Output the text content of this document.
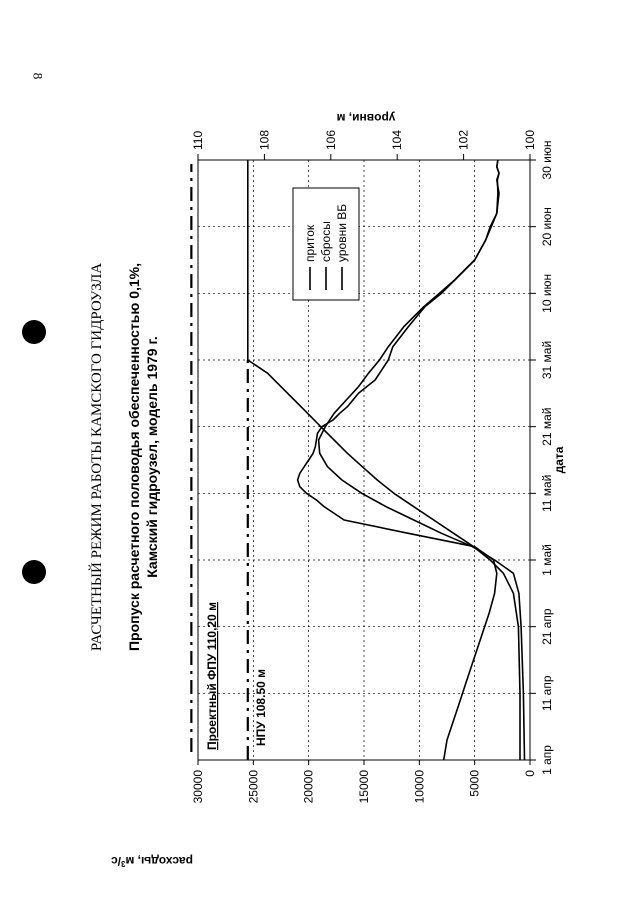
8
РАСЧЕТНЫЙ РЕЖИМ РАБОТЫ КАМСКОГО ГИДРОУЗЛА Пропуск расчетного половодья обеспеченностью 0,1%, Камский гидроузел, модель 1979 г.
0
5000
10000
15000
20000
25000
30000
100
102
104
106
108
110
1 апр
11 апр
21 апр
1 май
11 май
21 май
31 май
10 июн
20 июн
30 июн
Проектный ФПУ 110,20 м	НПУ 108.50 м
дата
расходы, $м^3/с$
уровни, м
приток сбросы уровни ВБ
